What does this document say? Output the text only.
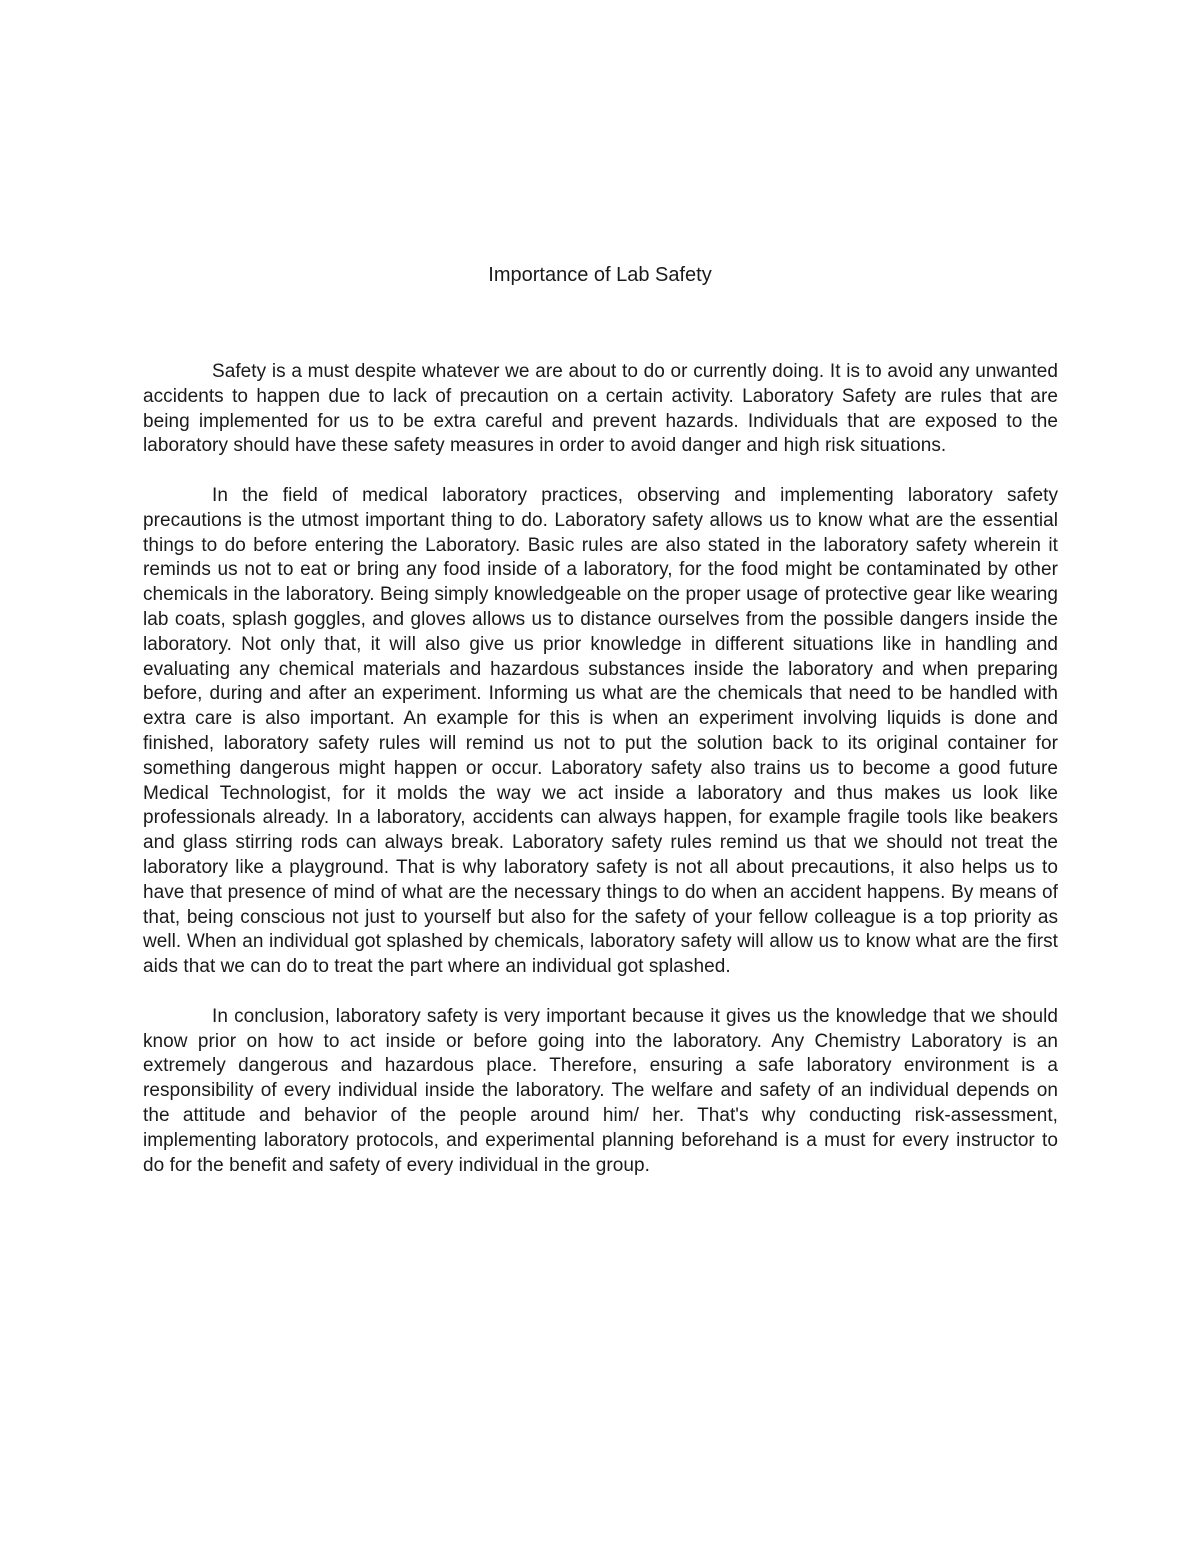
Importance of Lab Safety

Safety is a must despite whatever we are about to do or currently doing. It is to avoid any unwanted accidents to happen due to lack of precaution on a certain activity. Laboratory Safety are rules that are being implemented for us to be extra careful and prevent hazards. Individuals that are exposed to the laboratory should have these safety measures in order to avoid danger and high risk situations.

In the field of medical laboratory practices, observing and implementing laboratory safety precautions is the utmost important thing to do. Laboratory safety allows us to know what are the essential things to do before entering the Laboratory. Basic rules are also stated in the laboratory safety wherein it reminds us not to eat or bring any food inside of a laboratory, for the food might be contaminated by other chemicals in the laboratory. Being simply knowledgeable on the proper usage of protective gear like wearing lab coats, splash goggles, and gloves allows us to distance ourselves from the possible dangers inside the laboratory. Not only that, it will also give us prior knowledge in different situations like in handling and evaluating any chemical materials and hazardous substances inside the laboratory and when preparing before, during and after an experiment. Informing us what are the chemicals that need to be handled with extra care is also important. An example for this is when an experiment involving liquids is done and finished, laboratory safety rules will remind us not to put the solution back to its original container for something dangerous might happen or occur. Laboratory safety also trains us to become a good future Medical Technologist, for it molds the way we act inside a laboratory and thus makes us look like professionals already. In a laboratory, accidents can always happen, for example fragile tools like beakers and glass stirring rods can always break. Laboratory safety rules remind us that we should not treat the laboratory like a playground. That is why laboratory safety is not all about precautions, it also helps us to have that presence of mind of what are the necessary things to do when an accident happens. By means of that, being conscious not just to yourself but also for the safety of your fellow colleague is a top priority as well. When an individual got splashed by chemicals, laboratory safety will allow us to know what are the first aids that we can do to treat the part where an individual got splashed.

In conclusion, laboratory safety is very important because it gives us the knowledge that we should know prior on how to act inside or before going into the laboratory. Any Chemistry Laboratory is an extremely dangerous and hazardous place. Therefore, ensuring a safe laboratory environment is a responsibility of every individual inside the laboratory. The welfare and safety of an individual depends on the attitude and behavior of the people around him/ her. That's why conducting risk-assessment, implementing laboratory protocols, and experimental planning beforehand is a must for every instructor to do for the benefit and safety of every individual in the group.
